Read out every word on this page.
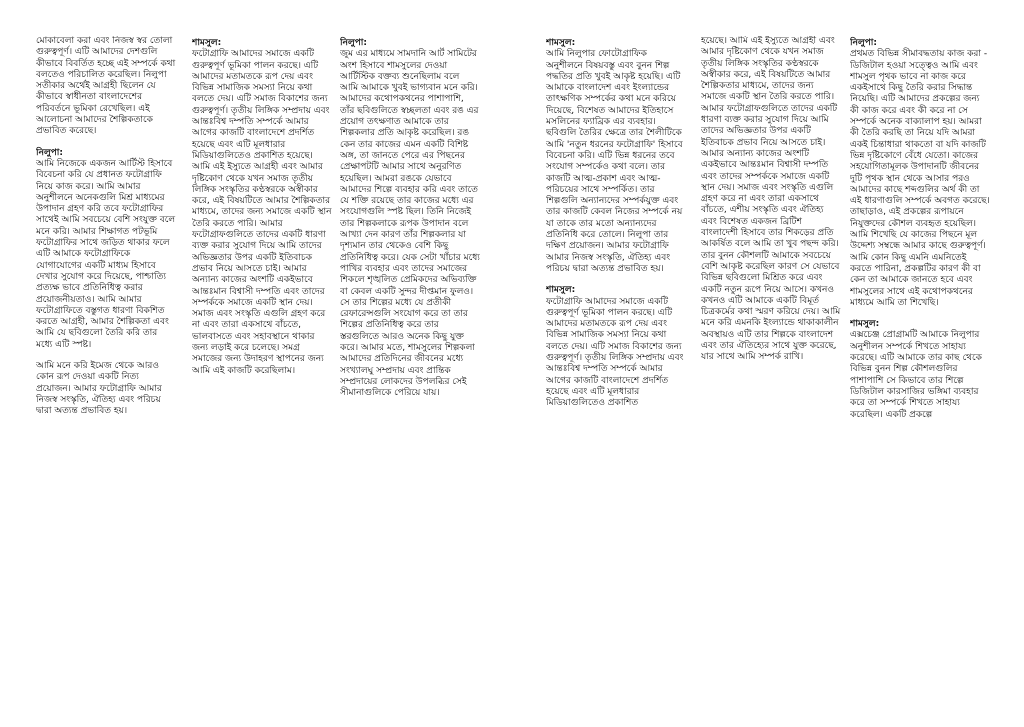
মোকাবেলা করা এবং নিজস্ব স্বর তোলা গুরুত্বপূর্ণ। এটি আমাদের দেশগুলি কীভাবে বিবর্তিত হচ্ছে এই সম্পর্কে কথা বলতেও পরিচালিত করেছিল। নিলুপা সতীকার অর্থেই আগ্রহী ছিলেন যে কীভাবে স্বাধীনতা বাংলাদেশের পরিবর্তনে ভূমিকা রেখেছিল। এই আলোচনা আমাদের শৈল্পিকতাকে প্রভাবিত করেছে।

নিলুপা:

আমি নিজেকে একজন আর্টিস্ট হিসাবে বিবেচনা করি যে প্রধানত ফটোগ্রাফি নিয়ে কাজ করে। আমি আমার অনুশীলনে অনেকগুলি মিশ্র মাধ্যমের উপাদান গ্রহণ করি তবে ফটোগ্রাফির সাথেই আমি সবচেয়ে বেশি সংযুক্ত বলে মনে করি। আমার শিক্ষাগত পটভূমি ফটোগ্রাফির সাথে জড়িত থাকার ফলে এটি আমাকে ফটোগ্রাফিকে যোগাযোগের একটি মাধ্যম হিসাবে দেখার সুযোগ করে দিয়েছে, পাশ্চাত্যি প্রত্যক্ষ ভাবে প্রতিনিধিত্ব করার প্রয়োজনীয়তাও। আমি আমার ফটোগ্রাফিতে বস্তুগত ধারণা বিকশিত করতে আগ্রহী, আমার শৈল্পিকতা এবং আমি যে ছবিগুলো তৈরি করি তার মধ্যে এটি স্পষ্ট।

আমি মনে করি ইমেজ থেকে আরও কোন রূপ দেওয়া একটি নিত্য প্রয়োজন। আমার ফটোগ্রাফি আমার নিজস্ব সংস্কৃতি, ঐতিহ্য এবং পরিচয় দ্বারা অত্যন্ত প্রভাবিত হয়।

শামসুল:

ফটোগ্রাফি আমাদের সমাজে একটি গুরুত্বপূর্ণ ভূমিকা পালন করছে। এটি আমাদের মতামতকে রূপ দেয় এবং বিভিন্ন সামাজিক সমস্যা নিয়ে কথা বলতে দেয়। এটি সমাজ বিকাশের জন্য গুরুত্বপূর্ণ। তৃতীয় লিঙ্গিক সম্প্রদায় এবং আন্তঃবিশ্ব দম্পতি সম্পর্কে আমার আগের কাজটি বাংলাদেশে প্রদর্শিত হয়েছে এবং এটি মূলধারার মিডিয়াগুলিতেও প্রকাশিত হয়েছে। আমি এই ইস্যুতে আগ্রহী এবং আমার দৃষ্টিকোণ থেকে যখন সমাজ তৃতীয় লিঙ্গিক সংস্কৃতির কণ্ঠস্বরকে অস্বীকার করে, এই বিষয়টিতে আমার শৈল্পিকতার মাধ্যমে, তাদের জন্য সমাজে একটি স্থান তৈরি করতে পারি। আমার ফটোগ্রাফগুলিতে তাদের একটি ধারণা ব্যক্ত করার সুযোগ দিয়ে আমি তাদের অভিজ্ঞতার উপর একটি ইতিবাচক প্রভাব নিয়ে আসতে চাই। আমার অন্যান্য কাজের অংশটি একইভাবে আন্তঃমান বিশ্বাসী দম্পতি এবং তাদের সম্পর্ককে সমাজে একটি স্থান দেয়। সমাজ এবং সংস্কৃতি এগুলি গ্রহণ করে না এবং তারা একসাথে বাঁচতে, ভালবাসতে এবং সহাবস্থানে থাকার জন্য লড়াই করে চলেছে। সমগ্র সমাজের জন্য উদাহরণ স্থাপনের জন্য আমি এই কাজটি করেছিলাম।

নিলুপা:

জুম এর মাধ্যমে সামদানি আর্ট সামিটের অংশ হিসাবে শামসুলের দেওয়া আর্টিস্টিক বক্তব্য শুনেছিলাম বলে আমি আমাকে খুবই ভাগ্যবান মনে করি। আমাদের কথোপকথনের পাশাপাশি, তাঁর ছবিগুলিতে স্বচ্ছলতা এবং রঙ এর প্রয়োগ তৎক্ষণাত আমাকে তার শিল্পকলার প্রতি আকৃষ্ট করেছিল। রঙ কেন তার কাজের এমন একটি বিশিষ্ট অঙ্গ, তা জানতে পেরে এর পিছনের প্রেক্ষাপটটি আমার সাথে অনুরণিত হয়েছিল। আমরা রঙকে যেভাবে আমাদের শিল্পে ব্যবহার করি এবং তাতে যে শক্তি রয়েছে তার কাজের মধ্যে এর সংযোগগুলি স্পষ্ট ছিল। তিনি নিজেই তার শিল্পকলাকে রূপক উপাদান বলে আখ্যা দেন কারণ তাঁর শিল্পকলার যা দৃশ্যমান তার থেকেও বেশি কিছু প্রতিনিধিত্ব করে। যেক সেটা খাঁচার মধ্যে পাখির ব্যবহার এবং তাদের সমাজের শিকলে শৃঙ্খলিত প্রেমিকদের অভিব্যক্তি বা কেবল একটি সুন্দর দীপ্তমান ফুলও। সে তার শিল্পের মধ্যে যে প্রতীকী রেফারেন্সগুলি সংযোগ করে তা তার শিল্পের প্রতিনিধিত্ব করে তার স্তরগুলিতে আরও অনেক কিছু যুক্ত করে। আমার মতে, শামসুলের শিল্পকলা আমাদের প্রতিদিনের জীবনের মধ্যে সংখ্যালঘু সম্প্রদায় এবং প্রান্তিক সম্প্রদায়ের লোকদের উপলব্ধির সেই সীমানাগুলিকে পেরিয়ে যায়।

শামসুল:

আমি নিলুপার ফোটোগ্রাফিক অনুশীলনে বিষয়বস্তু এবং বুনন শিল্প পদ্ধতির প্রতি খুবই আকৃষ্ট হয়েছি। এটি আমাকে বাংলাদেশ এবং ইংল্যান্ডের তাৎক্ষণিক সম্পর্কের কথা মনে করিয়ে দিয়েছে, বিশেষত আমাদের ইতিহাসে মসলিনের ফ্যাব্রিক এর ব্যবহার। ছবিগুলি তৈরির ক্ষেত্রে তার শৈলীটিকে আমি 'নতুন ধরনের ফটোগ্রাফি' হিসাবে বিবেচনা করি। এটি ভিন্ন ধরনের তবে সংযোগ সম্পর্কেও কথা বলে। তার কাজটি আত্ম-প্রকাশ এবং আত্ম-পরিচয়ের সাথে সম্পর্কিত। তার শিল্পগুলি অন্যান্যদের সম্পর্কযুক্ত এবং তার কাজটি কেবল নিজের সম্পর্কে নয় যা তাকে তার মতো অন্যান্যদের প্রতিনিধি করে তোলে। নিলুপা তার দক্ষিণ প্রয়োজন। আমার ফটোগ্রাফি আমার নিজস্ব সংস্কৃতি, ঐতিহ্য এবং পরিচয় দ্বারা অত্যন্ত প্রভাবিত হয়।

শামসুল:

ফটোগ্রাফি আমাদের সমাজে একটি গুরুত্বপূর্ণ ভূমিকা পালন করছে। এটি আমাদের মতামতকে রূপ দেয় এবং বিভিন্ন সামাজিক সমস্যা নিয়ে কথা বলতে দেয়। এটি সমাজ বিকাশের জন্য গুরুত্বপূর্ণ। তৃতীয় লিঙ্গিক সম্প্রদায় এবং আন্তঃবিশ্ব দম্পতি সম্পর্কে আমার আগের কাজটি বাংলাদেশে প্রদর্শিত হয়েছে এবং এটি মূলধারার মিডিয়াগুলিতেও প্রকাশিত

হয়েছে। আমি এই ইস্যুতে আগ্রহী এবং আমার দৃষ্টিকোণ থেকে যখন সমাজ তৃতীয় লিঙ্গিক সংস্কৃতির কণ্ঠস্বরকে অস্বীকার করে, এই বিষয়টিতে আমার শৈল্পিকতার মাধ্যমে, তাদের জন্য সমাজে একটি স্থান তৈরি করতে পারি। আমার ফটোগ্রাফগুলিতে তাদের একটি ধারণা ব্যক্ত করার সুযোগ দিয়ে আমি তাদের অভিজ্ঞতার উপর একটি ইতিবাচক প্রভাব নিয়ে আসতে চাই। আমার অন্যান্য কাজের অংশটি একইভাবে আন্তঃমান বিশ্বাসী দম্পতি এবং তাদের সম্পর্ককে সমাজে একটি স্থান দেয়। সমাজ এবং সংস্কৃতি এগুলি গ্রহণ করে না এবং তারা একসাথে বাঁচতে, এশীয় সংস্কৃতি এবং ঐতিহ্য এবং বিশেষত একজন ব্রিটিশ বাংলাদেশী হিসাবে তার শিকড়ের প্রতি আকর্ষিত বলে আমি তা খুব পছন্দ করি। তার বুনন কৌশলটি আমাকে সবচেয়ে বেশি আকৃষ্ট করেছিল কারণ সে যেভাবে বিভিন্ন ছবিগুলো মিশ্রিত করে এবং একটি নতুন রূপে নিয়ে আসে। কখনও কখনও এটি আমাকে একটি বিমূর্ত চিত্রকর্মের কথা স্মরণ করিয়ে দেয়। আমি মনে করি এমনকি ইংল্যান্ডে থাকাকালীন অবস্থায়ও এটি তার শিল্পকে বাংলাদেশ এবং তার ঐতিহ্যের সাথে যুক্ত করেছে, যার সাথে আমি সম্পর্ক রাখি।

নিলুপা:

প্রথমত বিভিন্ন সীমাবদ্ধতায় কাজ করা - ডিজিটাল হওয়া সত্ত্বেও আমি এবং শামসুল পৃথক ভাবে না কাজ করে একইসাথে কিছু তৈরি করার সিদ্ধান্ত নিয়েছি। এটি আমাদের প্রকল্পের জন্য কী কাজ করে এবং কী করে না সে সম্পর্কে অনেক বাক্যালাপ হয়। আমরা কী তৈরি করছি তা নিয়ে যদি আমরা একই চিন্তাধারা থাকতো বা যদি কাজটি ভিন্ন দৃষ্টিকোণে বেঁধে যেতো। কাজের সহযোগিতামূলক উপাদানটি জীবনের দুটি পৃথক স্থান থেকে আসার পরও আমাদের কাছে শব্দগুলির অর্থ কী তা এই ধারণাগুলি সম্পর্কে অবগত করেছে। তাছাড়াও, এই প্রকল্পের রূপায়নে নিযুক্তদের কৌশল ব্যবহৃত হয়েছিল। আমি শিখেছি যে কাজের পিছনে মূল উদ্দেশ্য সম্বন্ধে আমার কাছে গুরুত্বপূর্ণ। আমি কোন কিছু এমনি এমনিতেই করতে পারিনা, প্রকল্পটির কারণ কী বা কেন তা আমাকে জানতে হবে এবং শামসুলের সাথে এই কথোপকথনের মাধ্যমে আমি তা শিখেছি।

শামসুল:

এক্সচেঞ্জ প্রোগ্রামটি আমাকে নিলুপার অনুশীলন সম্পর্কে শিখতে সাহায্য করেছে। এটি আমাকে তার কাছ থেকে বিভিন্ন বুনন শিল্প কৌশলগুলির পাশাপাশি সে কিভাবে তার শিল্পে ডিজিটাল কারসাজির ভঙ্গিমা ব্যবহার করে তা সম্পর্কে শিখতে সাহায্য করেছিল। একটি প্রকল্পে
